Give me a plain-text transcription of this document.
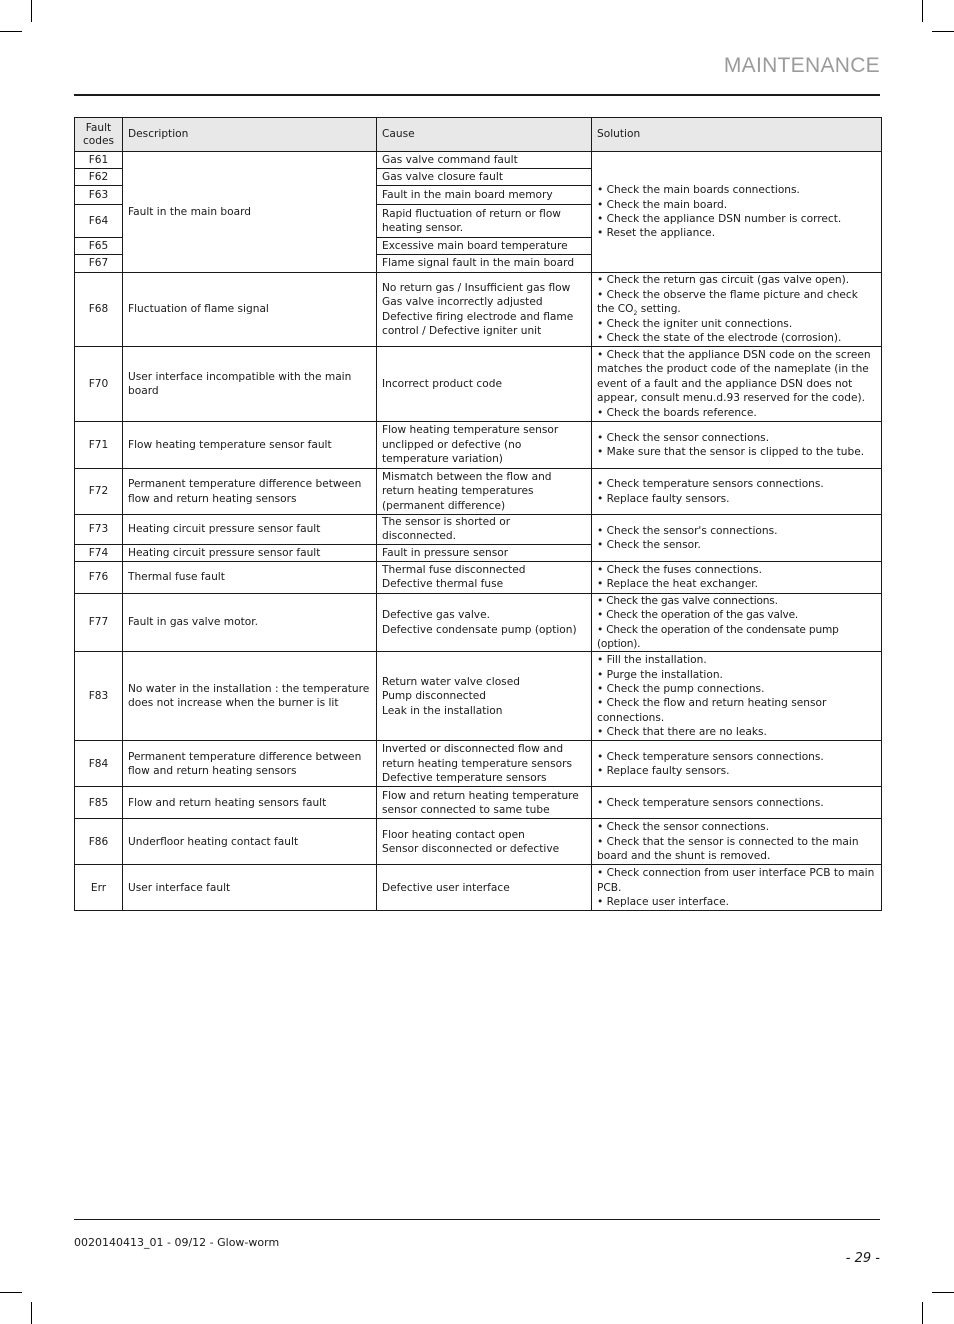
MAINTENANCE
Fault codes	Description	Cause	Solution
F61	Fault in the main board	Gas valve command fault	• Check the main boards connections.
• Check the main board.
• Check the appliance DSN number is correct.
• Reset the appliance.

F62		Gas valve closure fault	
F63		Fault in the main board memory	
F64		Rapid fluctuation of return or flow heating sensor.	
F65		Excessive main board temperature	
F67		Flame signal fault in the main board	
F68	Fluctuation of flame signal	No return gas / Insufficient gas flow
Gas valve incorrectly adjusted
Defective firing electrode and flame control / Defective igniter unit	• Check the return gas circuit (gas valve open).
• Check the observe the flame picture and check the $CO_2$ setting.
• Check the igniter unit connections.
• Check the state of the electrode (corrosion).

F70	User interface incompatible with the main board	Incorrect product code	• Check that the appliance DSN code on the screen matches the product code of the nameplate (in the event of a fault and the appliance DSN does not appear, consult menu.d.93 reserved for the code).
• Check the boards reference.

F71	Flow heating temperature sensor fault	Flow heating temperature sensor unclipped or defective (no temperature variation)	• Check the sensor connections.
• Make sure that the sensor is clipped to the tube.

F72	Permanent temperature difference between flow and return heating sensors	Mismatch between the flow and return heating temperatures (permanent difference)	• Check temperature sensors connections.
• Replace faulty sensors.

F73	Heating circuit pressure sensor fault	The sensor is shorted or disconnected.	• Check the sensor's connections.
• Check the sensor.

F74	Heating circuit pressure sensor fault	Fault in pressure sensor	
F76	Thermal fuse fault	Thermal fuse disconnected
Defective thermal fuse	• Check the fuses connections.
• Replace the heat exchanger.

F77	Fault in gas valve motor.	Defective gas valve.
Defective condensate pump (option)	• Check the gas valve connections.
• Check the operation of the gas valve.
• Check the operation of the condensate pump (option).

F83	No water in the installation : the temperature does not increase when the burner is lit	Return water valve closed
Pump disconnected
Leak in the installation	• Fill the installation.
• Purge the installation.
• Check the pump connections.
• Check the flow and return heating sensor connections.
• Check that there are no leaks.

F84	Permanent temperature difference between flow and return heating sensors	Inverted or disconnected flow and return heating temperature sensors
Defective temperature sensors	• Check temperature sensors connections.
• Replace faulty sensors.

F85	Flow and return heating sensors fault	Flow and return heating temperature sensor connected to same tube	• Check temperature sensors connections.

F86	Underfloor heating contact fault	Floor heating contact open
Sensor disconnected or defective	• Check the sensor connections.
• Check that the sensor is connected to the main board and the shunt is removed.

Err	User interface fault	Defective user interface	• Check connection from user interface PCB to main PCB.
• Replace user interface.
0020140413_01 - 09/12 - Glow-worm
- 29 -
